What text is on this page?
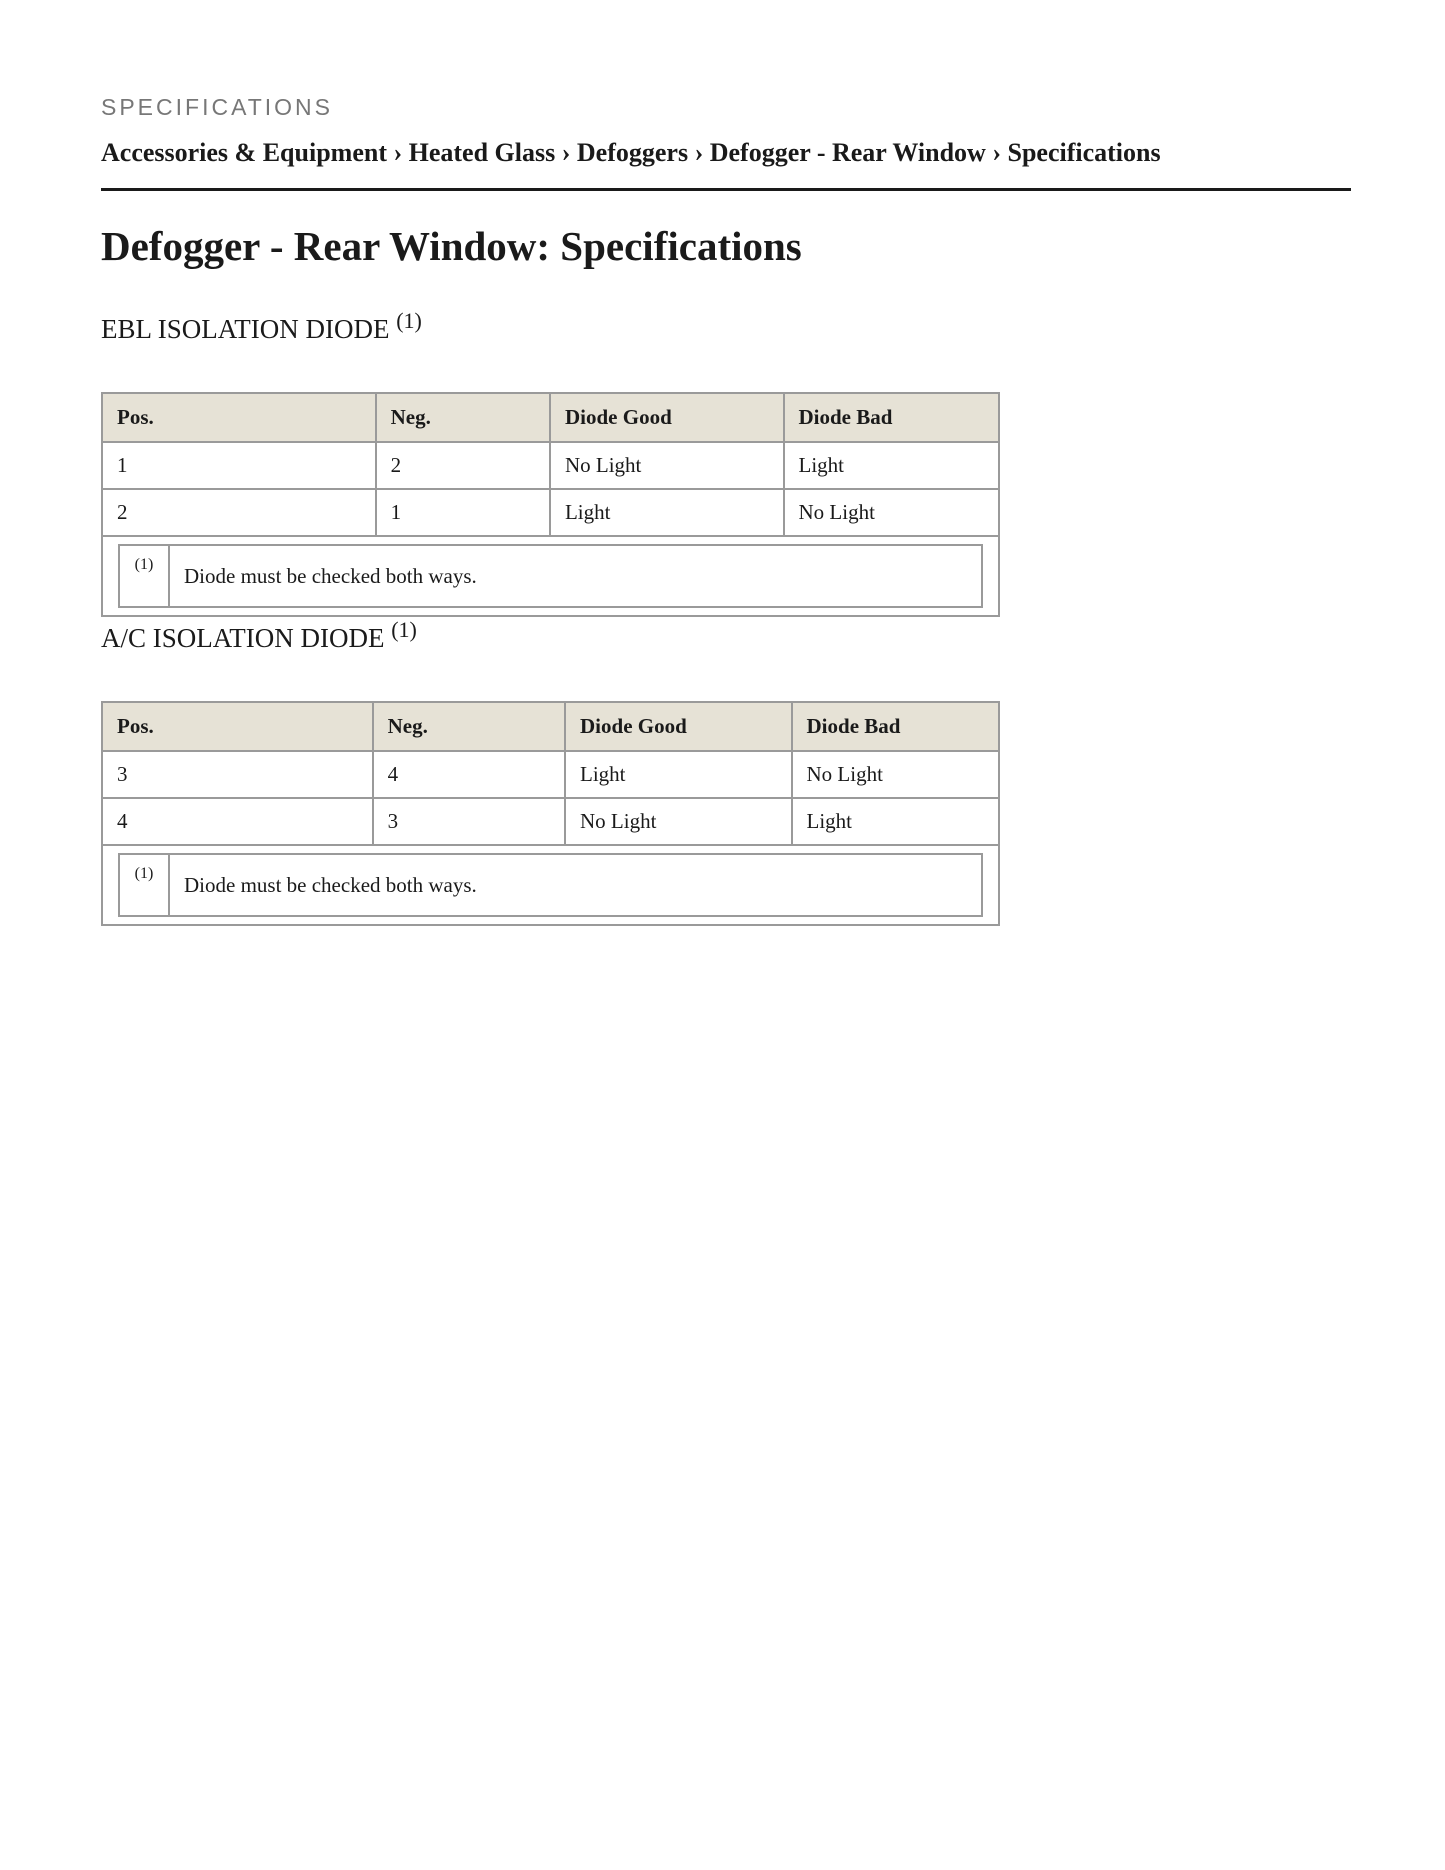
SPECIFICATIONS
Accessories & Equipment › Heated Glass › Defoggers › Defogger - Rear Window › Specifications
Defogger - Rear Window: Specifications
EBL ISOLATION DIODE $^{(1)}$
Pos.	Neg.	Diode Good	Diode Bad
1	2	No Light	Light
2	1	Light	No Light

(1)	Diode must be checked both ways.
A/C ISOLATION DIODE $^{(1)}$
Pos.	Neg.	Diode Good	Diode Bad
3	4	Light	No Light
4	3	No Light	Light

(1)	Diode must be checked both ways.
